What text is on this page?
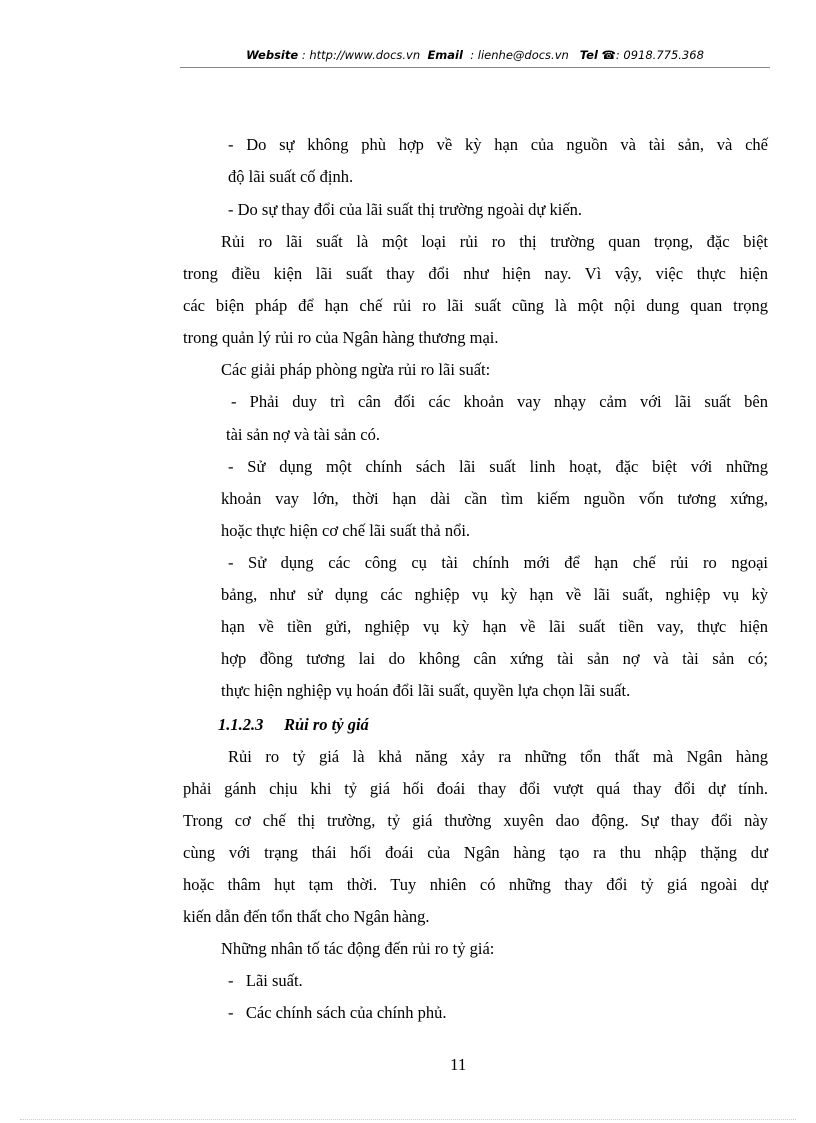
Website : http://www.docs.vn Email : lienhe@docs.vn Tel ☎: 0918.775.368
- Do sự không phù hợp về kỳ hạn của nguồn và tài sản, và chế
độ lãi suất cố định.
- Do sự thay đổi của lãi suất thị trường ngoài dự kiến.
Rủi ro lãi suất là một loại rủi ro thị trường quan trọng, đặc biệt
trong điều kiện lãi suất thay đổi như hiện nay. Vì vậy, việc thực hiện
các biện pháp để hạn chế rủi ro lãi suất cũng là một nội dung quan trọng
trong quản lý rủi ro của Ngân hàng thương mại.
Các giải pháp phòng ngừa rủi ro lãi suất:
- Phải duy trì cân đối các khoản vay nhạy cảm với lãi suất bên
tài sản nợ và tài sản có.
- Sử dụng một chính sách lãi suất linh hoạt, đặc biệt với những
khoản vay lớn, thời hạn dài cần tìm kiếm nguồn vốn tương xứng,
hoặc thực hiện cơ chế lãi suất thả nổi.
- Sử dụng các công cụ tài chính mới để hạn chế rủi ro ngoại
bảng, như sử dụng các nghiệp vụ kỳ hạn về lãi suất, nghiệp vụ kỳ
hạn về tiền gửi, nghiệp vụ kỳ hạn về lãi suất tiền vay, thực hiện
hợp đồng tương lai do không cân xứng tài sản nợ và tài sản có;
thực hiện nghiệp vụ hoán đổi lãi suất, quyền lựa chọn lãi suất.
1.1.2.3     Rủi ro tỷ giá
Rủi ro tỷ giá là khả năng xảy ra những tổn thất mà Ngân hàng
phải gánh chịu khi tỷ giá hối đoái thay đổi vượt quá thay đổi dự tính.
Trong cơ chế thị trường, tỷ giá thường xuyên dao động. Sự thay đổi này
cùng với trạng thái hối đoái của Ngân hàng tạo ra thu nhập thặng dư
hoặc thâm hụt tạm thời. Tuy nhiên có những thay đổi tỷ giá ngoài dự
kiến dẫn đến tổn thất cho Ngân hàng.
Những nhân tố tác động đến rủi ro tỷ giá:
-   Lãi suất.
-   Các chính sách của chính phủ.
11
